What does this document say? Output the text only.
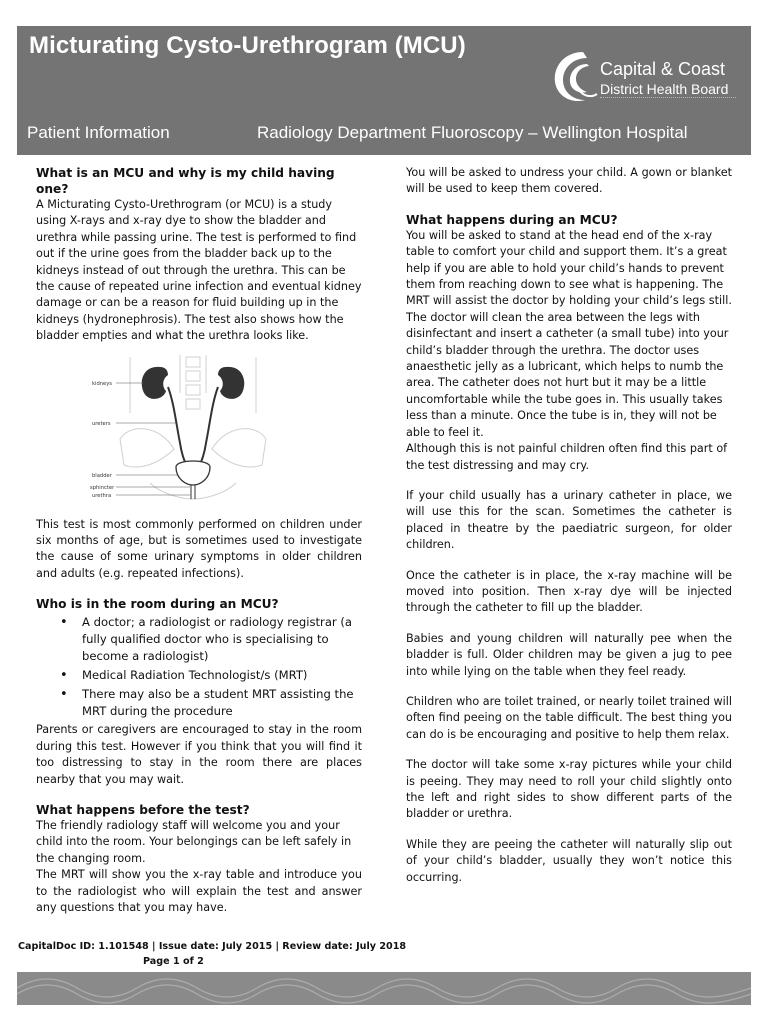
Micturating Cysto-Urethrogram (MCU)
Capital & Coast
District Health Board
Patient Information	Radiology Department Fluoroscopy – Wellington Hospital
What is an MCU and why is my child having one?

A Micturating Cysto-Urethrogram (or MCU) is a study using X-rays and x-ray dye to show the bladder and urethra while passing urine. The test is performed to find out if the urine goes from the bladder back up to the kidneys instead of out through the urethra. This can be the cause of repeated urine infection and eventual kidney damage or can be a reason for fluid building up in the kidneys (hydronephrosis). The test also shows how the bladder empties and what the urethra looks like.

kidneys
ureters
bladder
sphincter
urethra

This test is most commonly performed on children under six months of age, but is sometimes used to investigate the cause of some urinary symptoms in older children and adults (e.g. repeated infections).

Who is in the room during an MCU?
• A doctor; a radiologist or radiology registrar (a fully qualified doctor who is specialising to become a radiologist)
• Medical Radiation Technologist/s (MRT)
• There may also be a student MRT assisting the MRT during the procedure

Parents or caregivers are encouraged to stay in the room during this test. However if you think that you will find it too distressing to stay in the room there are places nearby that you may wait.

What happens before the test?

The friendly radiology staff will welcome you and your child into the room. Your belongings can be left safely in the changing room.

The MRT will show you the x-ray table and introduce you to the radiologist who will explain the test and answer any questions that you may have.

You will be asked to undress your child. A gown or blanket will be used to keep them covered.

What happens during an MCU?

You will be asked to stand at the head end of the x-ray table to comfort your child and support them. It’s a great help if you are able to hold your child’s hands to prevent them from reaching down to see what is happening. The MRT will assist the doctor by holding your child’s legs still. The doctor will clean the area between the legs with disinfectant and insert a catheter (a small tube) into your child’s bladder through the urethra. The doctor uses anaesthetic jelly as a lubricant, which helps to numb the area. The catheter does not hurt but it may be a little uncomfortable while the tube goes in. This usually takes less than a minute. Once the tube is in, they will not be able to feel it.

Although this is not painful children often find this part of the test distressing and may cry.

If your child usually has a urinary catheter in place, we will use this for the scan. Sometimes the catheter is placed in theatre by the paediatric surgeon, for older children.

Once the catheter is in place, the x-ray machine will be moved into position. Then x-ray dye will be injected through the catheter to fill up the bladder.

Babies and young children will naturally pee when the bladder is full. Older children may be given a jug to pee into while lying on the table when they feel ready.

Children who are toilet trained, or nearly toilet trained will often find peeing on the table difficult. The best thing you can do is be encouraging and positive to help them relax.

The doctor will take some x-ray pictures while your child is peeing. They may need to roll your child slightly onto the left and right sides to show different parts of the bladder or urethra.

While they are peeing the catheter will naturally slip out of your child’s bladder, usually they won’t notice this occurring.

CapitalDoc ID: 1.101548 | Issue date: July 2015 | Review date: July 2018
Page 1 of 2
